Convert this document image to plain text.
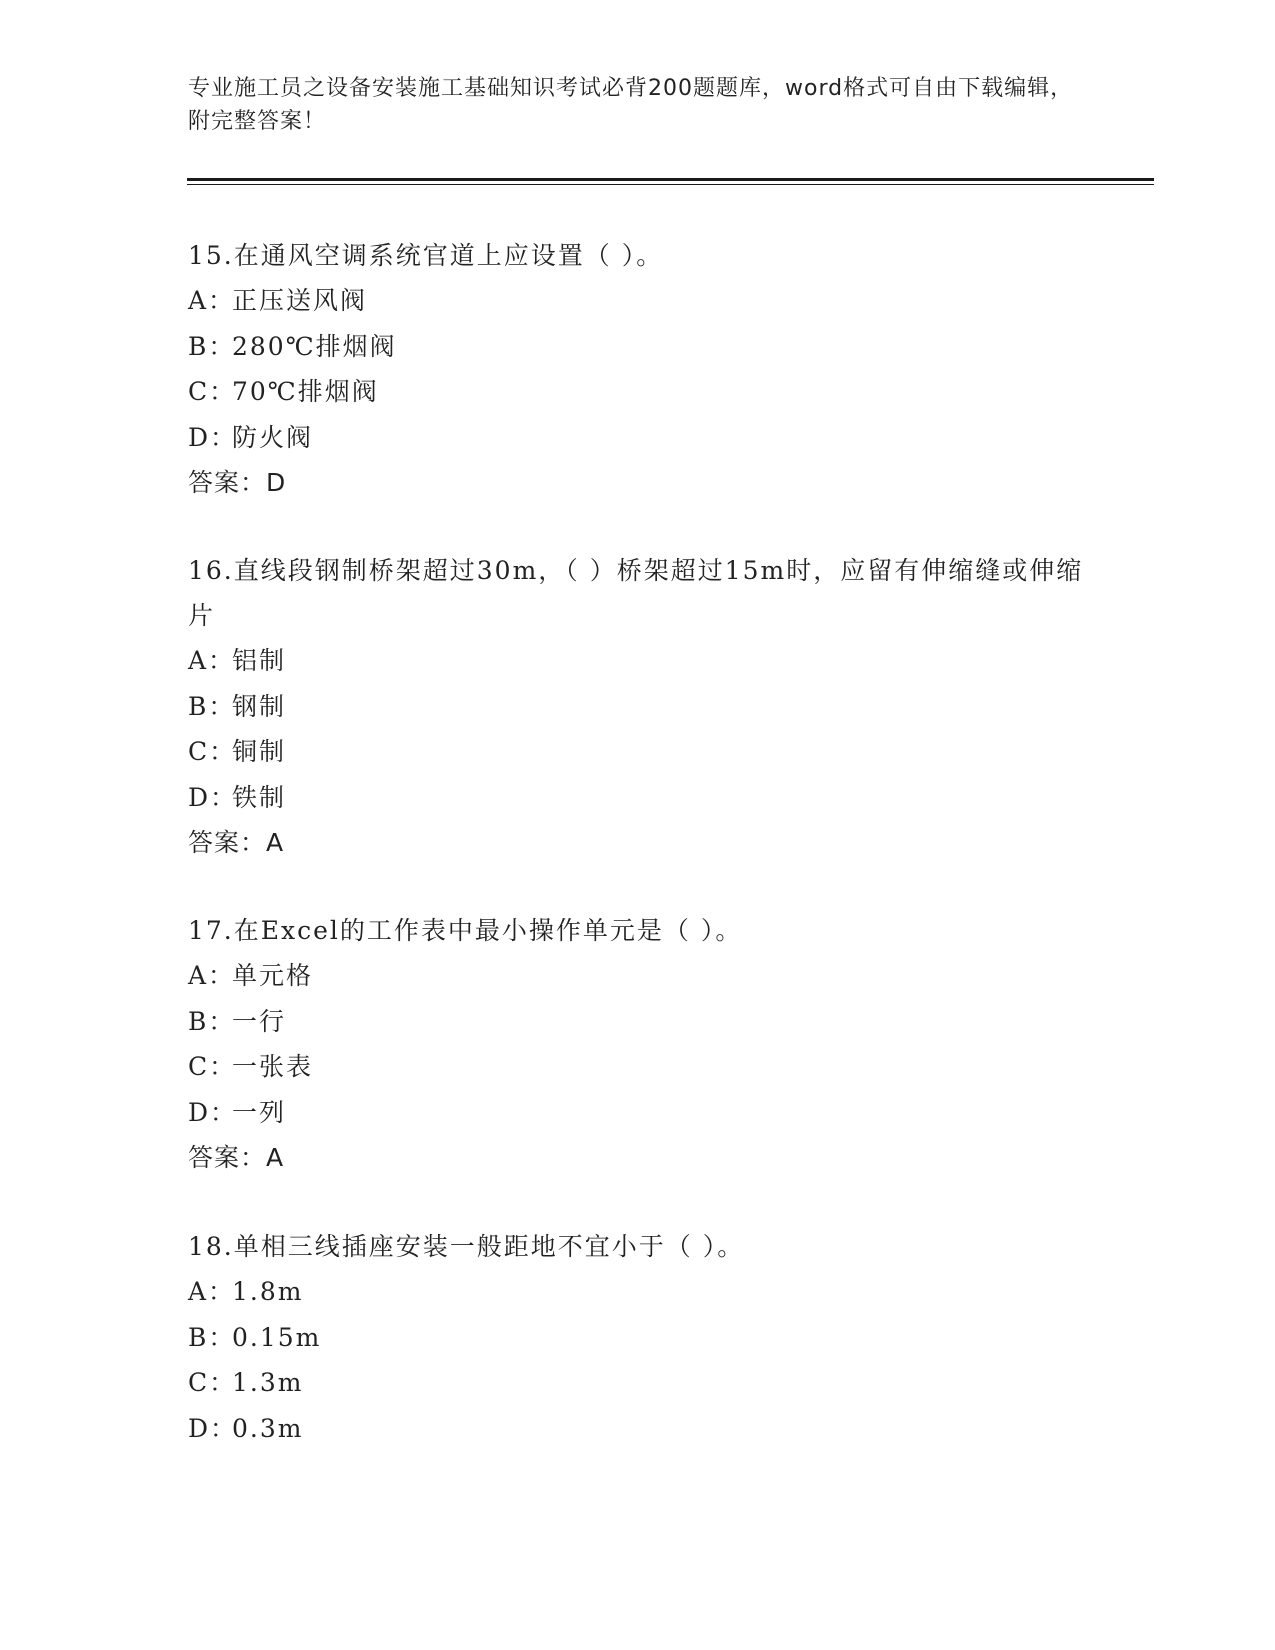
专业施工员之设备安装施工基础知识考试必背200题题库，word格式可自由下载编辑，附完整答案！

15.在通风空调系统官道上应设置（ ）。

A：正压送风阀

B：280℃排烟阀

C：70℃排烟阀

D：防火阀

答案：D

16.直线段钢制桥架超过30m，（ ）桥架超过15m时，应留有伸缩缝或伸缩片

A：铝制

B：钢制

C：铜制

D：铁制

答案：A

17.在Excel的工作表中最小操作单元是（ ）。

A：单元格

B：一行

C：一张表

D：一列

答案：A

18.单相三线插座安装一般距地不宜小于（ ）。

A：1.8m

B：0.15m

C：1.3m

D：0.3m
